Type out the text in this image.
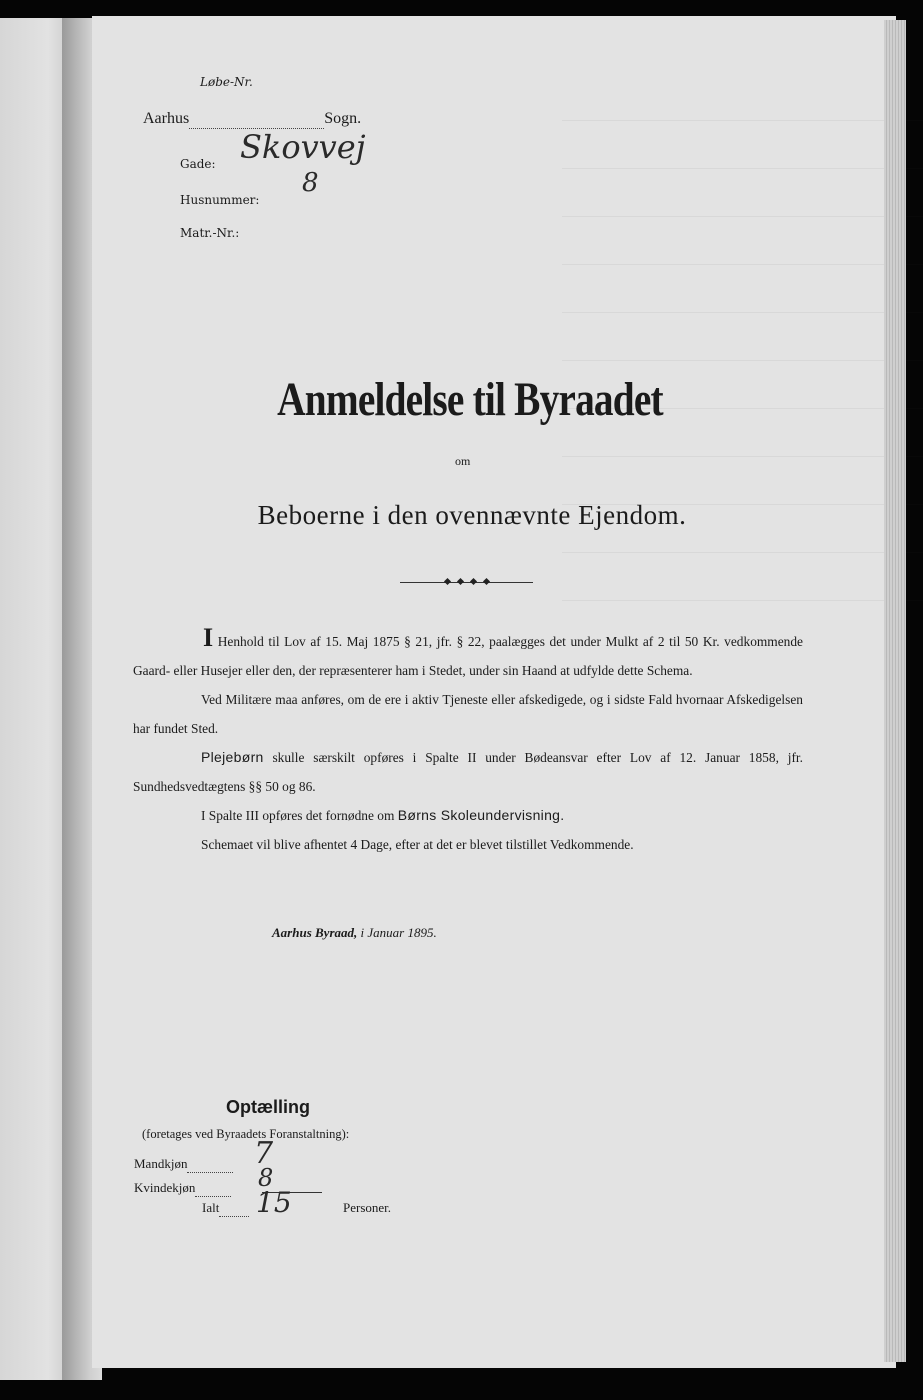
Løbe-Nr.

Aarhus	Sogn.

Gade: Skovvej

Husnummer:

8

Matr.-Nr.:

Anmeldelse til Byraadet

om

Beboerne i den ovennævnte Ejendom.

I Henhold til Lov af 15. Maj 1875 § 21, jfr. § 22, paalægges det under Mulkt af 2 til 50 Kr. vedkommende Gaard- eller Husejer eller den, der repræsenterer ham i Stedet, under sin Haand at udfylde dette Schema.

Ved Militære maa anføres, om de ere i aktiv Tjeneste eller afskedigede, og i sidste Fald hvornaar Afskedigelsen har fundet Sted.

Plejebørn skulle særskilt opføres i Spalte II under Bødeansvar efter Lov af 12. Januar 1858, jfr. Sundhedsvedtægtens §§ 50 og 86.

I Spalte III opføres det fornødne om Børns Skoleundervisning.

Schemaet vil blive afhentet 4 Dage, efter at det er blevet tilstillet Vedkommende.

Aarhus Byraad, i Januar 1895.

Optælling

(foretages ved Byraadets Foranstaltning):

Mandkjøn	7

Kvindekjøn	8

Ialt	15	Personer.
